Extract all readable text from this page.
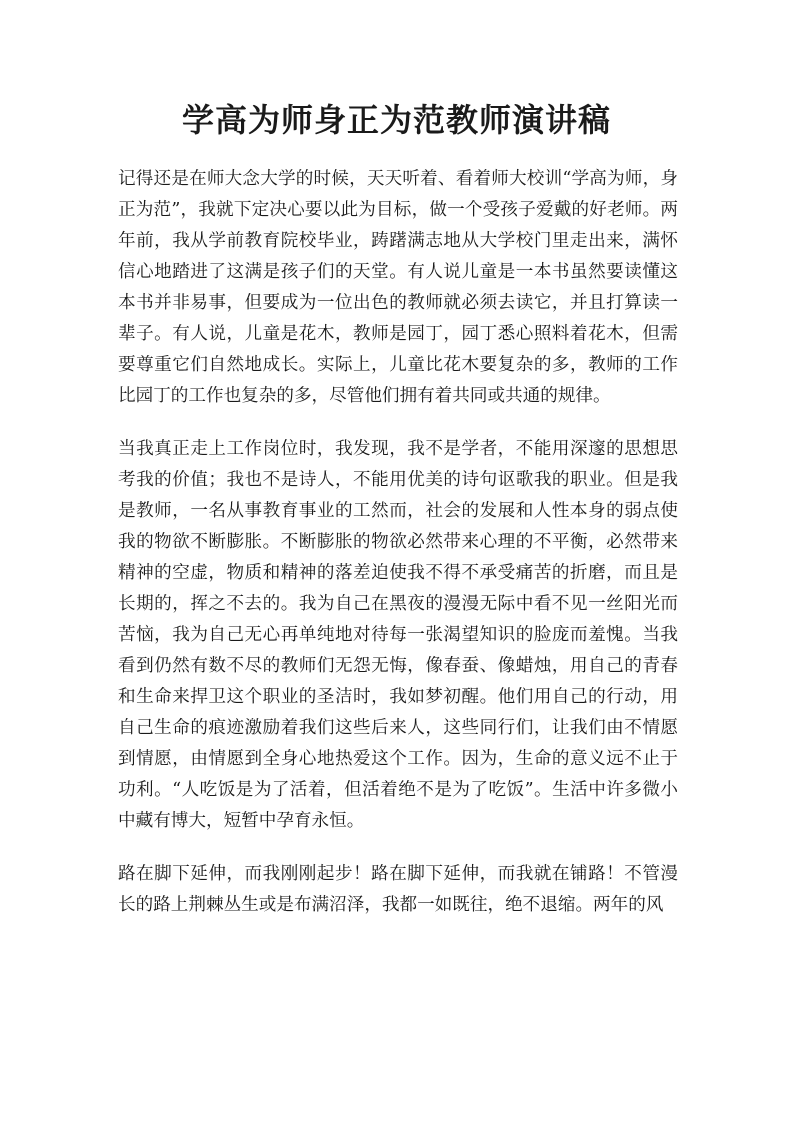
学高为师身正为范教师演讲稿

记得还是在师大念大学的时候，天天听着、看着师大校训“学高为师，身正为范”，我就下定决心要以此为目标，做一个受孩子爱戴的好老师。两年前，我从学前教育院校毕业，踌躇满志地从大学校门里走出来，满怀信心地踏进了这满是孩子们的天堂。有人说儿童是一本书虽然要读懂这本书并非易事，但要成为一位出色的教师就必须去读它，并且打算读一辈子。有人说，儿童是花木，教师是园丁，园丁悉心照料着花木，但需要尊重它们自然地成长。实际上，儿童比花木要复杂的多，教师的工作比园丁的工作也复杂的多，尽管他们拥有着共同或共通的规律。

当我真正走上工作岗位时，我发现，我不是学者，不能用深邃的思想思考我的价值；我也不是诗人，不能用优美的诗句讴歌我的职业。但是我是教师，一名从事教育事业的工然而，社会的发展和人性本身的弱点使我的物欲不断膨胀。不断膨胀的物欲必然带来心理的不平衡，必然带来精神的空虚，物质和精神的落差迫使我不得不承受痛苦的折磨，而且是长期的，挥之不去的。我为自己在黑夜的漫漫无际中看不见一丝阳光而苦恼，我为自己无心再单纯地对待每一张渴望知识的脸庞而羞愧。当我看到仍然有数不尽的教师们无怨无悔，像春蚕、像蜡烛，用自己的青春和生命来捍卫这个职业的圣洁时，我如梦初醒。他们用自己的行动，用自己生命的痕迹激励着我们这些后来人，这些同行们，让我们由不情愿到情愿，由情愿到全身心地热爱这个工作。因为，生命的意义远不止于功利。“人吃饭是为了活着，但活着绝不是为了吃饭”。生活中许多微小中藏有博大，短暂中孕育永恒。

路在脚下延伸，而我刚刚起步！路在脚下延伸，而我就在铺路！不管漫长的路上荆棘丛生或是布满沼泽，我都一如既往，绝不退缩。两年的风
